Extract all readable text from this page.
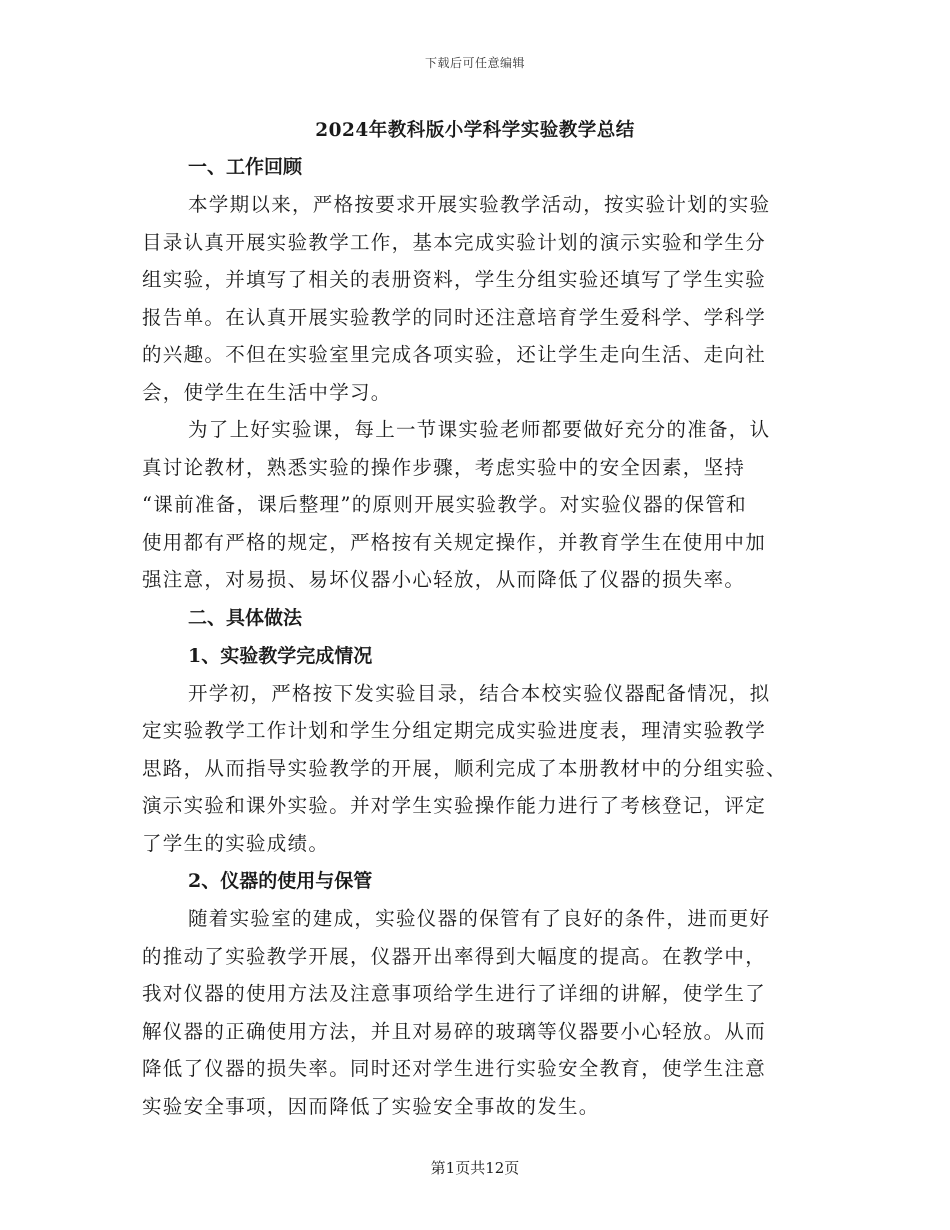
下载后可任意编辑
2024年教科版小学科学实验教学总结

一、工作回顾

本学期以来，严格按要求开展实验教学活动，按实验计划的实验
目录认真开展实验教学工作，基本完成实验计划的演示实验和学生分
组实验，并填写了相关的表册资料，学生分组实验还填写了学生实验
报告单。在认真开展实验教学的同时还注意培育学生爱科学、学科学
的兴趣。不但在实验室里完成各项实验，还让学生走向生活、走向社
会，使学生在生活中学习。
为了上好实验课，每上一节课实验老师都要做好充分的准备，认
真讨论教材，熟悉实验的操作步骤，考虑实验中的安全因素，坚持
“课前准备，课后整理”的原则开展实验教学。对实验仪器的保管和
使用都有严格的规定，严格按有关规定操作，并教育学生在使用中加
强注意，对易损、易坏仪器小心轻放，从而降低了仪器的损失率。

二、具体做法

1、实验教学完成情况

开学初，严格按下发实验目录，结合本校实验仪器配备情况，拟
定实验教学工作计划和学生分组定期完成实验进度表，理清实验教学
思路，从而指导实验教学的开展，顺利完成了本册教材中的分组实验、
演示实验和课外实验。并对学生实验操作能力进行了考核登记，评定
了学生的实验成绩。

2、仪器的使用与保管

随着实验室的建成，实验仪器的保管有了良好的条件，进而更好
的推动了实验教学开展，仪器开出率得到大幅度的提高。在教学中，
我对仪器的使用方法及注意事项给学生进行了详细的讲解，使学生了
解仪器的正确使用方法，并且对易碎的玻璃等仪器要小心轻放。从而
降低了仪器的损失率。同时还对学生进行实验安全教育，使学生注意
实验安全事项，因而降低了实验安全事故的发生。
第1页共12页
